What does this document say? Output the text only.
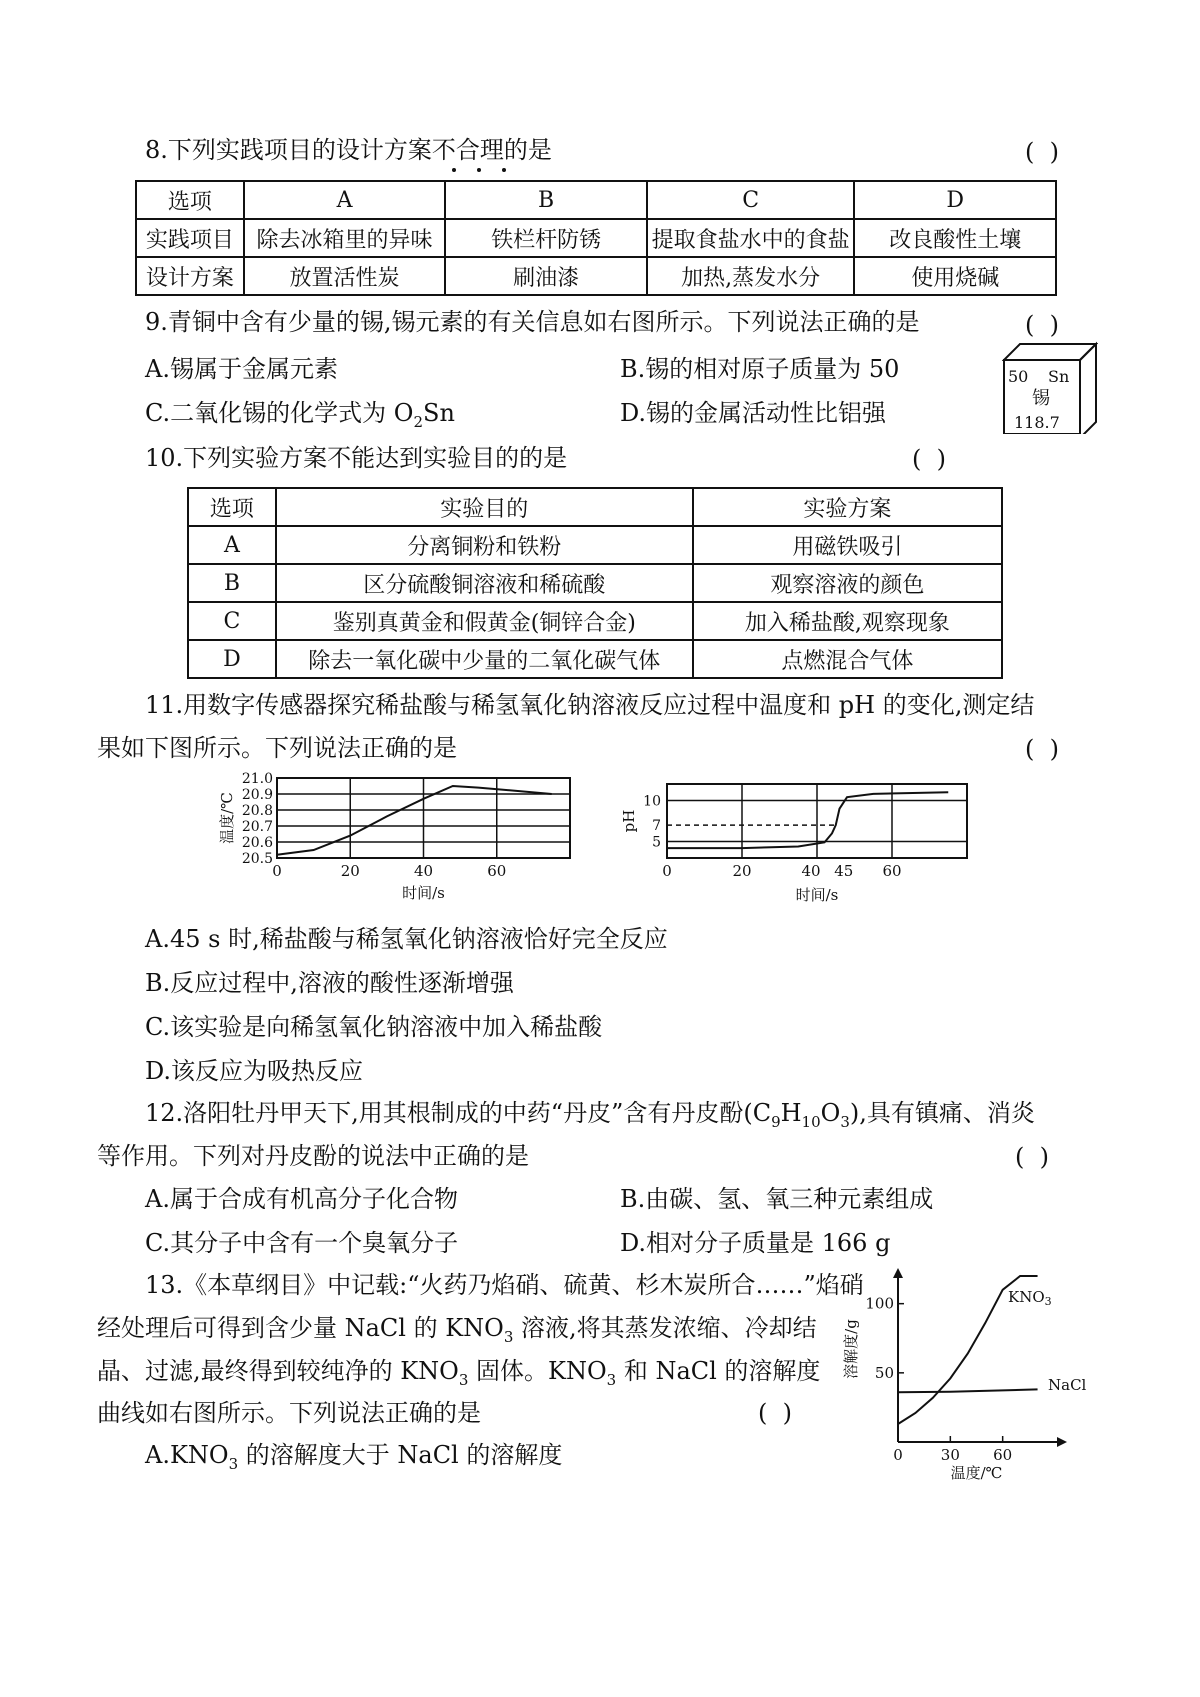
8.下列实践项目的设计方案不合理的是	(  )
选项	A	B	C	D
实践项目	除去冰箱里的异味	铁栏杆防锈	提取食盐水中的食盐	改良酸性土壤
设计方案	放置活性炭	刷油漆	加热,蒸发水分	使用烧碱
9.青铜中含有少量的锡,锡元素的有关信息如右图所示。下列说法正确的是	(  )
A.锡属于金属元素	B.锡的相对原子质量为 50
C.二氧化锡的化学式为 $O_2Sn$	D.锡的金属活动性比铝强
50 Sn
锡
118.7
10.下列实验方案不能达到实验目的的是	(  )
选项	实验目的	实验方案
A	分离铜粉和铁粉	用磁铁吸引
B	区分硫酸铜溶液和稀硫酸	观察溶液的颜色
C	鉴别真黄金和假黄金(铜锌合金)	加入稀盐酸,观察现象
D	除去一氧化碳中少量的二氧化碳气体	点燃混合气体
11.用数字传感器探究稀盐酸与稀氢氧化钠溶液反应过程中温度和 pH 的变化,测定结
果如下图所示。下列说法正确的是	(  )
20.5
20.6
20.7
20.8
20.9
21.0
0	20	40	60
时间/s
温度/℃	5
7
10
0	20	40 45 60
时间/s
pH
A.45 s 时,稀盐酸与稀氢氧化钠溶液恰好完全反应
B.反应过程中,溶液的酸性逐渐增强
C.该实验是向稀氢氧化钠溶液中加入稀盐酸
D.该反应为吸热反应
12.洛阳牡丹甲天下,用其根制成的中药“丹皮”含有丹皮酚$(C_9H_{10}O_3)$,具有镇痛、消炎
等作用。下列对丹皮酚的说法中正确的是	(  )
A.属于合成有机高分子化合物	B.由碳、氢、氧三种元素组成
C.其分子中含有一个臭氧分子	D.相对分子质量是 166 g
13.《本草纲目》中记载:“火药乃焰硝、硫黄、杉木炭所合……”焰硝
经处理后可得到含少量 NaCl 的 $KNO_3$ 溶液,将其蒸发浓缩、冷却结
晶、过滤,最终得到较纯净的 $KNO_3$ 固体。$KNO_3$ 和 NaCl 的溶解度
曲线如右图所示。下列说法正确的是	(  )
$A.KNO_3$ 的溶解度大于 NaCl 的溶解度
50
100
0	30 60
温度/℃
溶解度/g
$KNO_3$
NaCl
